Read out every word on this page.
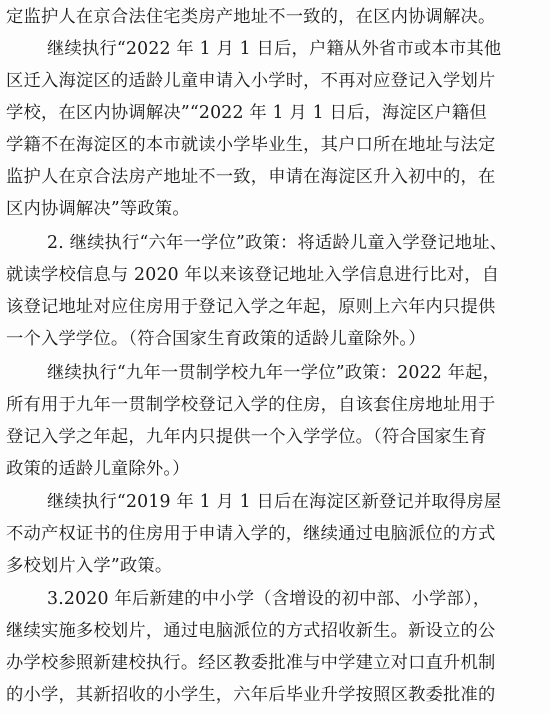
定监护人在京合法住宅类房产地址不一致的，在区内协调解决。
继续执行“2022 年 1 月 1 日后，户籍从外省市或本市其他
区迁入海淀区的适龄儿童申请入小学时，不再对应登记入学划片
学校，在区内协调解决”“2022 年 1 月 1 日后，海淀区户籍但
学籍不在海淀区的本市就读小学毕业生，其户口所在地址与法定
监护人在京合法房产地址不一致，申请在海淀区升入初中的，在
区内协调解决”等政策。
2. 继续执行“六年一学位”政策：将适龄儿童入学登记地址、
就读学校信息与 2020 年以来该登记地址入学信息进行比对，自
该登记地址对应住房用于登记入学之年起，原则上六年内只提供
一个入学学位。（符合国家生育政策的适龄儿童除外。）
继续执行“九年一贯制学校九年一学位”政策：2022 年起，
所有用于九年一贯制学校登记入学的住房，自该套住房地址用于
登记入学之年起，九年内只提供一个入学学位。（符合国家生育
政策的适龄儿童除外。）
继续执行“2019 年 1 月 1 日后在海淀区新登记并取得房屋
不动产权证书的住房用于申请入学的，继续通过电脑派位的方式
多校划片入学”政策。
3.2020 年后新建的中小学（含增设的初中部、小学部），
继续实施多校划片，通过电脑派位的方式招收新生。新设立的公
办学校参照新建校执行。经区教委批准与中学建立对口直升机制
的小学，其新招收的小学生，六年后毕业升学按照区教委批准的
